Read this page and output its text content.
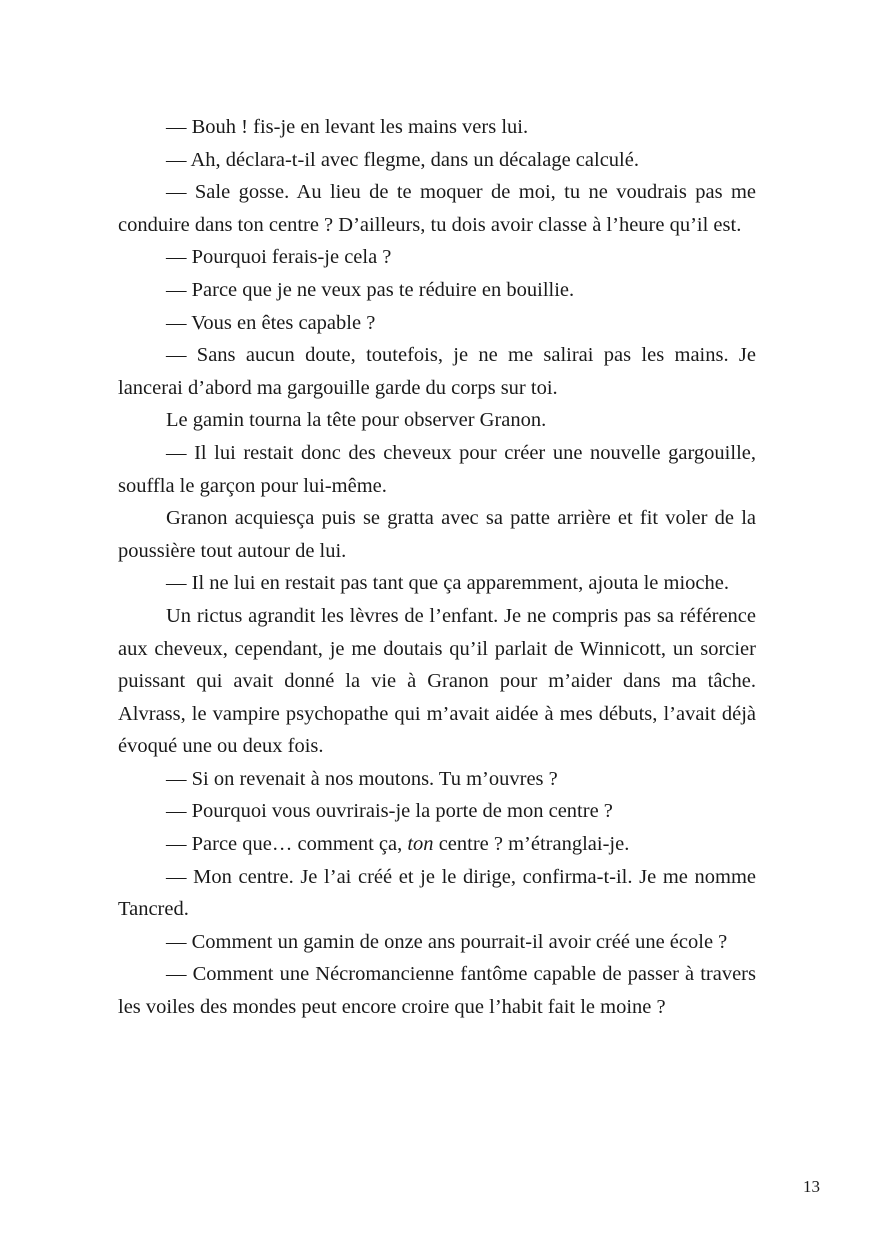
— Bouh ! fis-je en levant les mains vers lui.

— Ah, déclara-t-il avec flegme, dans un décalage calculé.

— Sale gosse. Au lieu de te moquer de moi, tu ne voudrais pas me conduire dans ton centre ? D’ailleurs, tu dois avoir classe à l’heure qu’il est.

— Pourquoi ferais-je cela ?

— Parce que je ne veux pas te réduire en bouillie.

— Vous en êtes capable ?

— Sans aucun doute, toutefois, je ne me salirai pas les mains. Je lancerai d’abord ma gargouille garde du corps sur toi.

Le gamin tourna la tête pour observer Granon.

— Il lui restait donc des cheveux pour créer une nouvelle gargouille, souffla le garçon pour lui-même.

Granon acquiesça puis se gratta avec sa patte arrière et fit voler de la poussière tout autour de lui.

— Il ne lui en restait pas tant que ça apparemment, ajouta le mioche.

Un rictus agrandit les lèvres de l’enfant. Je ne compris pas sa référence aux cheveux, cependant, je me doutais qu’il parlait de Winnicott, un sorcier puissant qui avait donné la vie à Granon pour m’aider dans ma tâche. Alvrass, le vampire psychopathe qui m’avait aidée à mes débuts, l’avait déjà évoqué une ou deux fois.

— Si on revenait à nos moutons. Tu m’ouvres ?

— Pourquoi vous ouvrirais-je la porte de mon centre ?

— Parce que… comment ça, ton centre ? m’étranglai-je.

— Mon centre. Je l’ai créé et je le dirige, confirma-t-il. Je me nomme Tancred.

— Comment un gamin de onze ans pourrait-il avoir créé une école ?

— Comment une Nécromancienne fantôme capable de passer à travers les voiles des mondes peut encore croire que l’habit fait le moine ?

13
